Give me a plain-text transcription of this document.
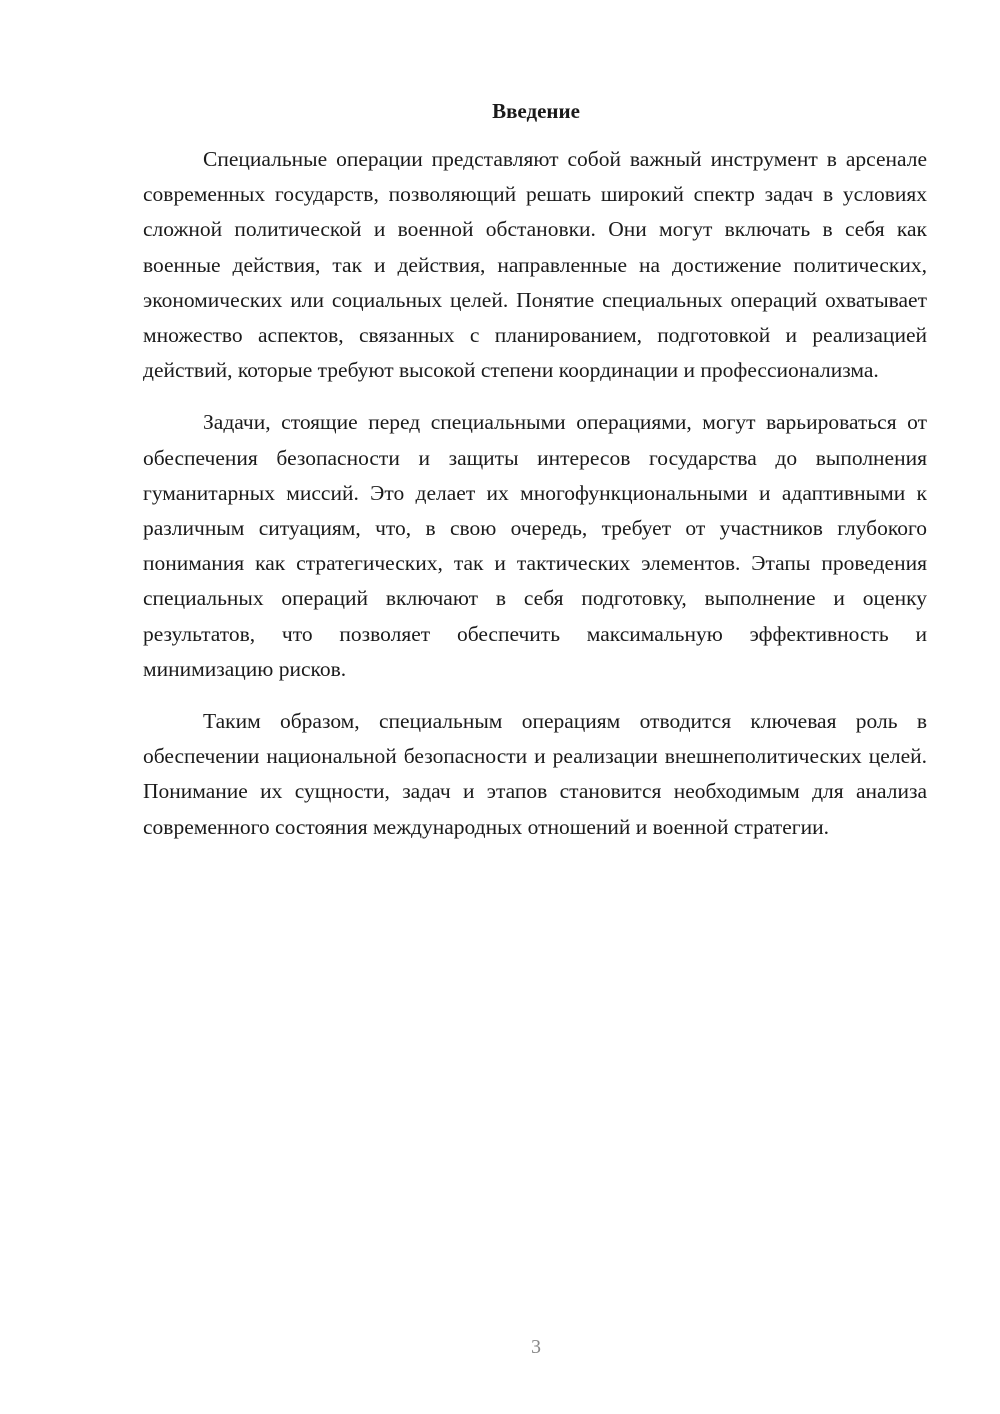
Введение

Специальные операции представляют собой важный инструмент в арсенале современных государств, позволяющий решать широкий спектр задач в условиях сложной политической и военной обстановки. Они могут включать в себя как военные действия, так и действия, направленные на достижение политических, экономических или социальных целей. Понятие специальных операций охватывает множество аспектов, связанных с планированием, подготовкой и реализацией действий, которые требуют высокой степени координации и профессионализма.

Задачи, стоящие перед специальными операциями, могут варьироваться от обеспечения безопасности и защиты интересов государства до выполнения гуманитарных миссий. Это делает их многофункциональными и адаптивными к различным ситуациям, что, в свою очередь, требует от участников глубокого понимания как стратегических, так и тактических элементов. Этапы проведения специальных операций включают в себя подготовку, выполнение и оценку результатов, что позволяет обеспечить максимальную эффективность и минимизацию рисков.

Таким образом, специальным операциям отводится ключевая роль в обеспечении национальной безопасности и реализации внешнеполитических целей. Понимание их сущности, задач и этапов становится необходимым для анализа современного состояния международных отношений и военной стратегии.

3
